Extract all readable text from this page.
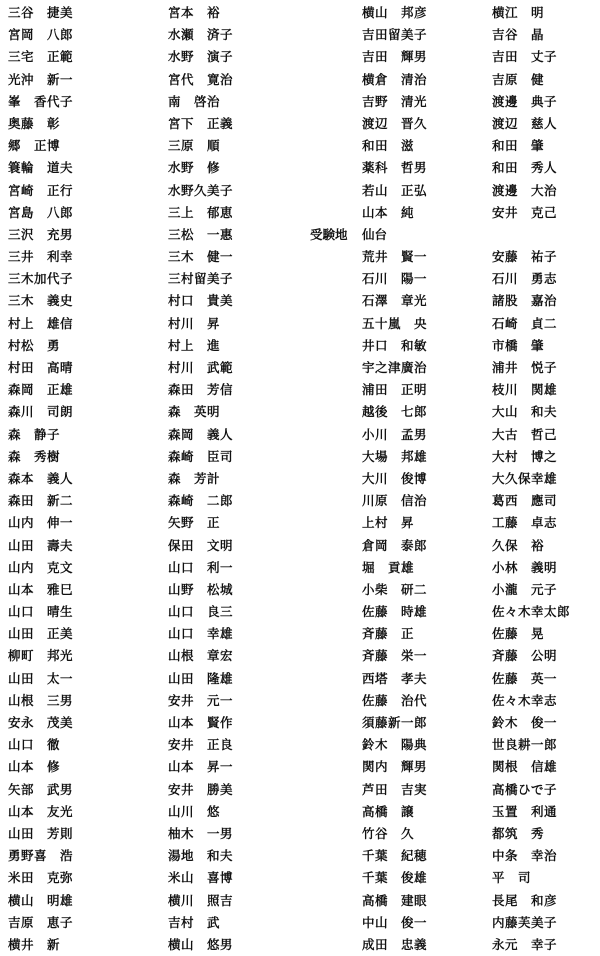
三谷　捷美
宮岡　八郎
三宅　正範
光沖　新一
峯　香代子
奥藤　彰
郷　正博
簑輪　道夫
宮崎　正行
宮島　八郎
三沢　充男
三井　利幸
三木加代子
三木　義史
村上　雄信
村松　勇
村田　高晴
森岡　正雄
森川　司朗
森　静子
森　秀樹
森本　義人
森田　新二
山内　伸一
山田　壽夫
山内　克文
山本　雅巳
山口　晴生
山田　正美
柳町　邦光
山田　太一
山根　三男
安永　茂美
山口　徹
山本　修
矢部　武男
山本　友光
山田　芳則
勇野喜　浩
米田　克弥
横山　明雄
吉原　恵子
横井　新
宮本　裕
水瀬　済子
水野　演子
宮代　寛治
南　啓治
宮下　正義
三原　順
水野　修
水野久美子
三上　郁恵
三松　一惠
三木　健一
三村留美子
村口　貴美
村川　昇
村上　進
村川　武範
森田　芳信
森　英明
森岡　義人
森崎　臣司
森　芳計
森崎　二郎
矢野　正
保田　文明
山口　利一
山野　松城
山口　良三
山口　幸雄
山根　章宏
山田　隆雄
安井　元一
山本　賢作
安井　正良
山本　昇一
安井　勝美
山川　悠
柚木　一男
湯地　和夫
米山　喜博
横川　照吉
吉村　武
横山　悠男
横山　邦彦
吉田留美子
吉田　輝男
横倉　清治
吉野　清光
渡辺　晋久
和田　滋
薬科　哲男
若山　正弘
山本　純
荒井　賢一
石川　陽一
石澤　章光
五十嵐　央
井口　和敏
宇之津廣治
浦田　正明
越後　七郎
小川　孟男
大場　邦雄
大川　俊博
川原　信治
上村　昇
倉岡　泰郎
堀　貢雄
小柴　研二
佐藤　時雄
斉藤　正
斉藤　栄一
西塔　孝夫
佐藤　治代
須藤新一郎
鈴木　陽典
関内　輝男
芦田　吉実
高橋　譲
竹谷　久
千葉　紀穂
千葉　俊雄
高橋　建眼
中山　俊一
成田　忠義
横江　明
吉谷　晶
吉田　丈子
吉原　健
渡邊　典子
渡辺　慈人
和田　肇
和田　秀人
渡邊　大治
安井　克己
安藤　祐子
石川　勇志
諸股　嘉治
石崎　貞二
市橋　肇
浦井　悦子
枝川　関雄
大山　和夫
大古　哲己
大村　博之
大久保幸雄
葛西　應司
工藤　卓志
久保　裕
小林　義明
小瀧　元子
佐々木幸太郎
佐藤　晃
斉藤　公明
佐藤　英一
佐々木幸志
鈴木　俊一
世良耕一郎
関根　信雄
高橋ひで子
玉置　利通
都筑　秀
中条　幸治
平　司
長尾　和彦
内藤芙美子
永元　幸子
受験地 仙台
